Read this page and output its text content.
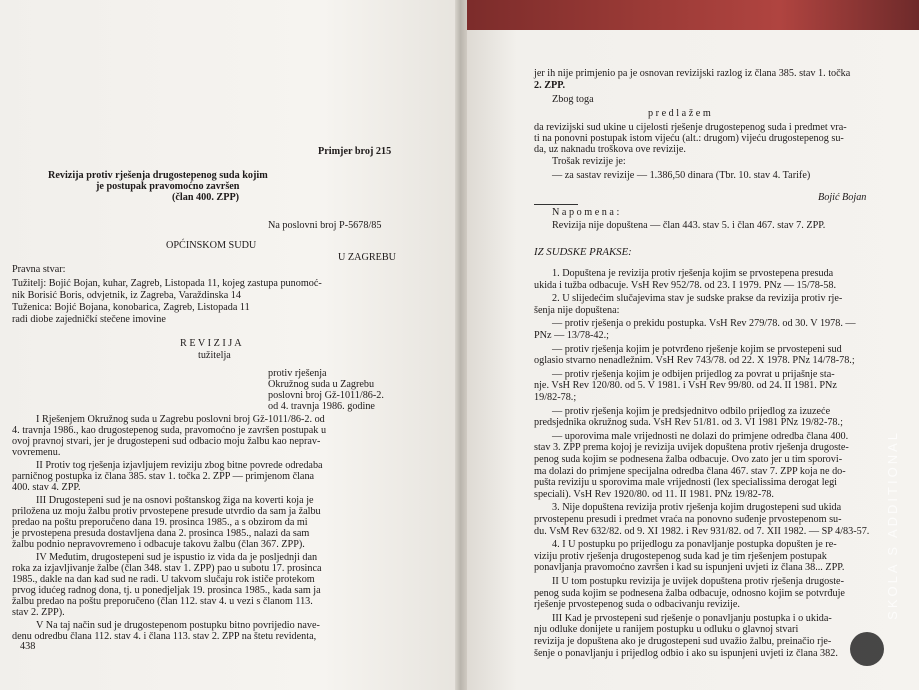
Primjer broj 215
Revizija protiv rješenja drugostepenog suda kojim
je postupak pravomoćno završen
(član 400. ZPP)
Na poslovni broj P-5678/85
OPĆINSKOM SUDU
U ZAGREBU
Pravna stvar:
Tužitelj: Bojić Bojan, kuhar, Zagreb, Listopada 11, kojeg zastupa punomoć-
nik Borisić Boris, odvjetnik, iz Zagreba, Varaždinska 14
Tuženica: Bojić Bojana, konobarica, Zagreb, Listopada 11
radi diobe zajedničkí stečene imovine
R E V I Z I J A
tužitelja
protiv rješenja
Okružnog suda u Zagrebu
poslovni broj Gž-1011/86-2.
od 4. travnja 1986. godine
I Rješenjem Okružnog suda u Zagrebu poslovni broj Gž-1011/86-2. od
4. travnja 1986., kao drugostepenog suda, pravomoćno je završen postupak u
ovoj pravnoj stvari, jer je drugostepeni sud odbacio moju žalbu kao neprav-
vovremenu.
II Protiv tog rješenja izjavljujem reviziju zbog bitne povrede odredaba
parničnog postupka iz člana 385. stav 1. točka 2. ZPP — primjenom člana
400. stav 4. ZPP.
III Drugostepeni sud je na osnovi poštanskog žiga na koverti koja je
priložena uz moju žalbu protiv prvostepene presude utvrdio da sam ja žalbu
predao na poštu preporučeno dana 19. prosinca 1985., a s obzirom da mi
je prvostepena presuda dostavljena dana 2. prosinca 1985., nalazi da sam
žalbu podnio nepravovremeno i odbacuje takovu žalbu (član 367. ZPP).
IV Međutim, drugostepeni sud je ispustio iz vida da je posljednji dan
roka za izjavljivanje žalbe (član 348. stav 1. ZPP) pao u subotu 17. prosinca
1985., dakle na dan kad sud ne radi. U takvom slučaju rok ističe protekom
prvog idućeg radnog dona, tj. u ponedjeljak 19. prosinca 1985., kada sam ja
žalbu predao na poštu preporučeno (član 112. stav 4. u vezi s članom 113.
stav 2. ZPP).
V Na taj način sud je drugostepenom postupku bitno povrijedio nave-
denu odredbu člana 112. stav 4. i člana 113. stav 2. ZPP na štetu revidenta,
438
jer ih nije primjenio pa je osnovan revizijski razlog iz člana 385. stav 1. točka
2. ZPP.
Zbog toga
p r e d l a ž e m
da revizijski sud ukine u cijelosti rješenje drugostepenog suda i predmet vra-
ti na ponovni postupak istom vijeću (alt.: drugom) vijeću drugostepenog su-
da, uz naknadu troškova ove revizije.
Trošak revizije je:
— za sastav revizije — 1.386,50 dinara (Tbr. 10. stav 4. Tarife)
Bojić Bojan
N a p o m e n a :
Revizija nije dopuštena — član 443. stav 5. i član 467. stav 7. ZPP.
IZ SUDSKE PRAKSE:
1. Dopuštena je revizija protiv rješenja kojim se prvostepena presuda
ukida i tužba odbacuje. VsH Rev 952/78. od 23. I 1979. PNz — 15/78-58.
2. U slijedećim slučajevima stav je sudske prakse da revizija protiv rje-
šenja nije dopuštena:
— protiv rješenja o prekidu postupka. VsH Rev 279/78. od 30. V 1978. —
PNz — 13/78-42.;
— protiv rješenja kojim je potvrđeno rješenje kojim se prvostepeni sud
oglasio stvarno nenadležnim. VsH Rev 743/78. od 22. X 1978. PNz 14/78-78.;
— protiv rješenja kojim je odbijen prijedlog za povrat u prijašnje sta-
nje. VsH Rev 120/80. od 5. V 1981. i VsH Rev 99/80. od 24. II 1981. PNz
19/82-78.;
— protiv rješenja kojim je predsjednitvo odbilo prijedlog za izuzeće
predsjednika okružnog suda. VsH Rev 51/81. od 3. VI 1981 PNz 19/82-78.;
— uporovima male vrijednosti ne dolazi do primjene odredba člana 400.
stav 3. ZPP prema kojoj je revizija uvijek dopuštena protiv rješenja drugoste-
penog suda kojim se podnesena žalba odbacuje. Ovo zato jer u tim sporovi-
ma dolazi do primjene specijalna odredba člana 467. stav 7. ZPP koja ne do-
pušta reviziju u sporovima male vrijednosti (lex specialissima derogat legi
speciali). VsH Rev 1920/80. od 11. II 1981. PNz 19/82-78.
3. Nije dopuštena revizija protiv rješenja kojim drugostepeni sud ukida
prvostepenu presudi i predmet vraća na ponovno suđenje prvostepenom su-
du. VsM Rev 632/82. od 9. XI 1982. i Rev 931/82. od 7. XII 1982. — SP 4/83-57.
4. I U postupku po prijedlogu za ponavljanje postupka dopušten je re-
viziju protiv rješenja drugostepenog suda kad je tim rješenjem postupak
ponavljanja pravomoćno završen i kad su ispunjeni uvjeti iz člana 38... ZPP.
II U tom postupku revizija je uvijek dopuštena protiv rješenja drugoste-
penog suda kojim se podnesena žalba odbacuje, odnosno kojim se potvrđuje
rješenje prvostepenog suda o odbacivanju revizije.
III Kad je prvostepeni sud rješenje o ponavljanju postupka i o ukida-
nju odluke donijete u ranijem postupku u odluku o glavnoj stvari
revizija je dopuštena ako je drugostepeni sud uvažio žalbu, preinačio rje-
šenje o ponavljanju i prijedlog odbio i ako su ispunjeni uvjeti iz člana 382.
SKOLA S ADDITIONAL
